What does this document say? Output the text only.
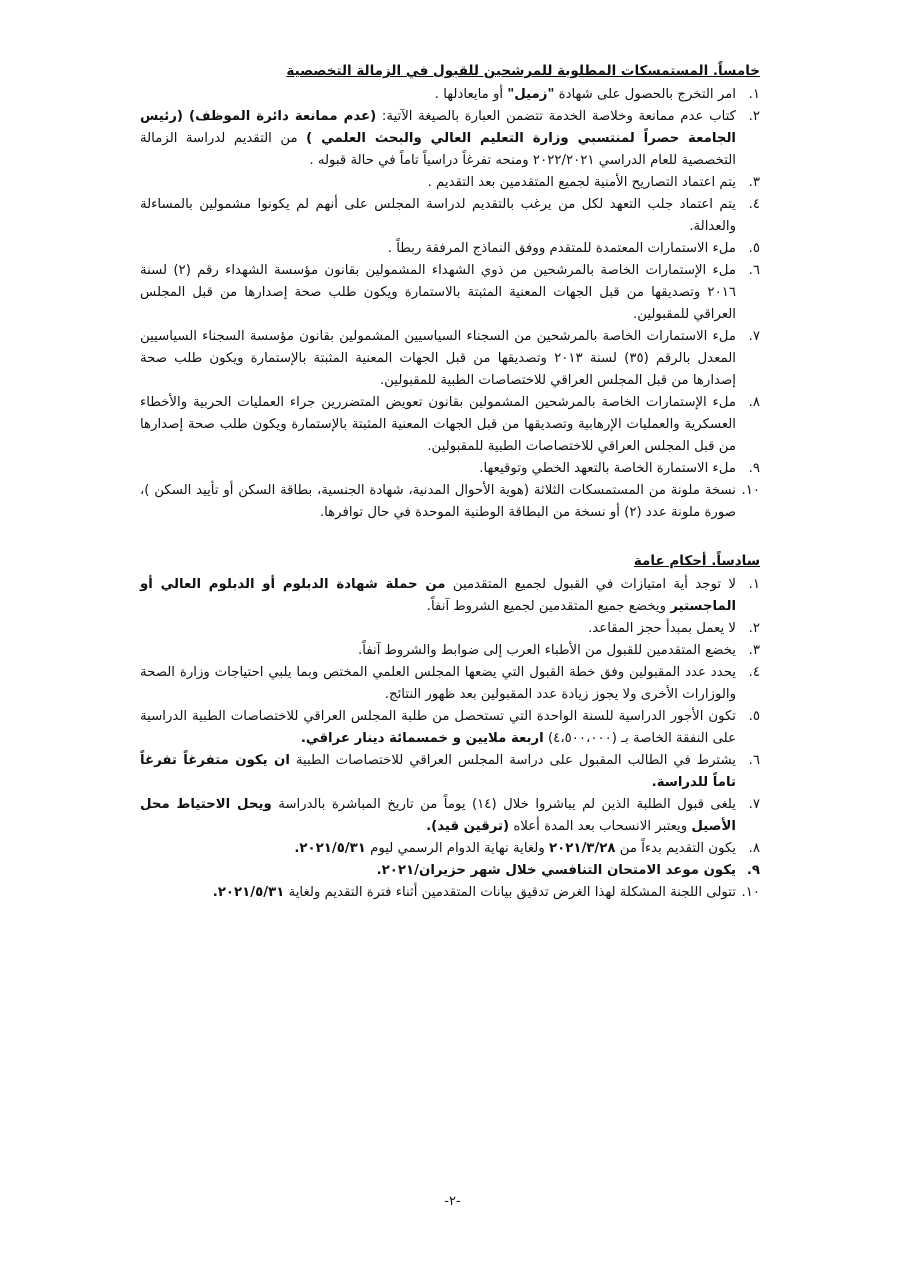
خامساً. المستمسكات المطلوبة للمرشحين للقبول في الزمالة التخصصية
١.
امر التخرج بالحصول على شهادة "زميل" أو مايعادلها .
٢.
كتاب عدم ممانعة وخلاصة الخدمة تتضمن العبارة بالصيغة الآتية: (عدم ممانعة دائرة الموظف) (رئيس الجامعة حصراً لمنتسبي وزارة التعليم العالي والبحث العلمي ) من التقديم لدراسة الزمالة التخصصية للعام الدراسي ٢٠٢٢/٢٠٢١ ومنحه تفرغاً دراسياً تاماً في حالة قبوله .
٣.
يتم اعتماد التصاريح الأمنية لجميع المتقدمين بعد التقديم .
٤.
يتم اعتماد جلب التعهد لكل من يرغب بالتقديم لدراسة المجلس على أنهم لم يكونوا مشمولين بالمساءلة والعدالة.
٥.
ملء الاستمارات المعتمدة للمتقدم ووفق النماذج المرفقة ربطاً .
٦.
ملء الإستمارات الخاصة بالمرشحين من ذوي الشهداء المشمولين بقانون مؤسسة الشهداء رقم (٢) لسنة ٢٠١٦ وتصديقها من قبل الجهات المعنية المثبتة بالاستمارة ويكون طلب صحة إصدارها من قبل المجلس العراقي للمقبولين.
٧.
ملء الاستمارات الخاصة بالمرشحين من السجناء السياسيين المشمولين بقانون مؤسسة السجناء السياسيين المعدل بالرقم (٣٥) لسنة ٢٠١٣ وتصديقها من قبل الجهات المعنية المثبتة بالإستمارة ويكون طلب صحة إصدارها من قبل المجلس العراقي للاختصاصات الطبية للمقبولين.
٨.
ملء الإستمارات الخاصة بالمرشحين المشمولين بقانون تعويض المتضررين جراء العمليات الحربية والأخطاء العسكرية والعمليات الإرهابية وتصديقها من قبل الجهات المعنية المثبتة بالإستمارة ويكون طلب صحة إصدارها من قبل المجلس العراقي للاختصاصات الطبية للمقبولين.
٩.
ملء الاستمارة الخاصة بالتعهد الخطي وتوقيعها.
١٠.
نسخة ملونة من المستمسكات الثلاثة (هوية الأحوال المدنية، شهادة الجنسية، بطاقة السكن أو تأييد السكن )، صورة ملونة عدد (٢) أو نسخة من البطاقة الوطنية الموحدة في حال توافرها.
سادساً. أحكام عامة
١.
لا توجد أية امتيازات في القبول لجميع المتقدمين من حملة شهادة الدبلوم أو الدبلوم العالي أو الماجستير ويخضع جميع المتقدمين لجميع الشروط آنفاً.
٢.
لا يعمل بمبدأ حجز المقاعد.
٣.
يخضع المتقدمين للقبول من الأطباء العرب إلى ضوابط والشروط آنفاً.
٤.
يحدد عدد المقبولين وفق خطة القبول التي يضعها المجلس العلمي المختص وبما يلبي احتياجات وزارة الصحة والوزارات الأخرى ولا يجوز زيادة عدد المقبولين بعد ظهور النتائج.
٥.
تكون الأجور الدراسية للسنة الواحدة التي تستحصل من طلبة المجلس العراقي للاختصاصات الطبية الدراسية على النفقة الخاصة بـ (٤،٥٠٠،٠٠٠) اربعة ملايين و خمسمائة دينار عراقي.
٦.
يشترط في الطالب المقبول على دراسة المجلس العراقي للاختصاصات الطبية ان يكون متفرغاً تفرغاً تاماً للدراسة.
٧.
يلغى قبول الطلبة الذين لم يباشروا خلال (١٤) يوماً من تاريخ المباشرة بالدراسة ويحل الاحتياط محل الأصيل ويعتبر الانسحاب بعد المدة أعلاه (ترقين قيد).
٨.
يكون التقديم بدءاً من ٢٠٢١/٣/٢٨ ولغاية نهاية الدوام الرسمي ليوم ٢٠٢١/٥/٣١.
٩.
يكون موعد الامتحان التنافسي خلال شهر حزيران/٢٠٢١.
١٠.
تتولى اللجنة المشكلة لهذا الغرض تدقيق بيانات المتقدمين أثناء فترة التقديم ولغاية ٢٠٢١/٥/٣١.
-٢-
